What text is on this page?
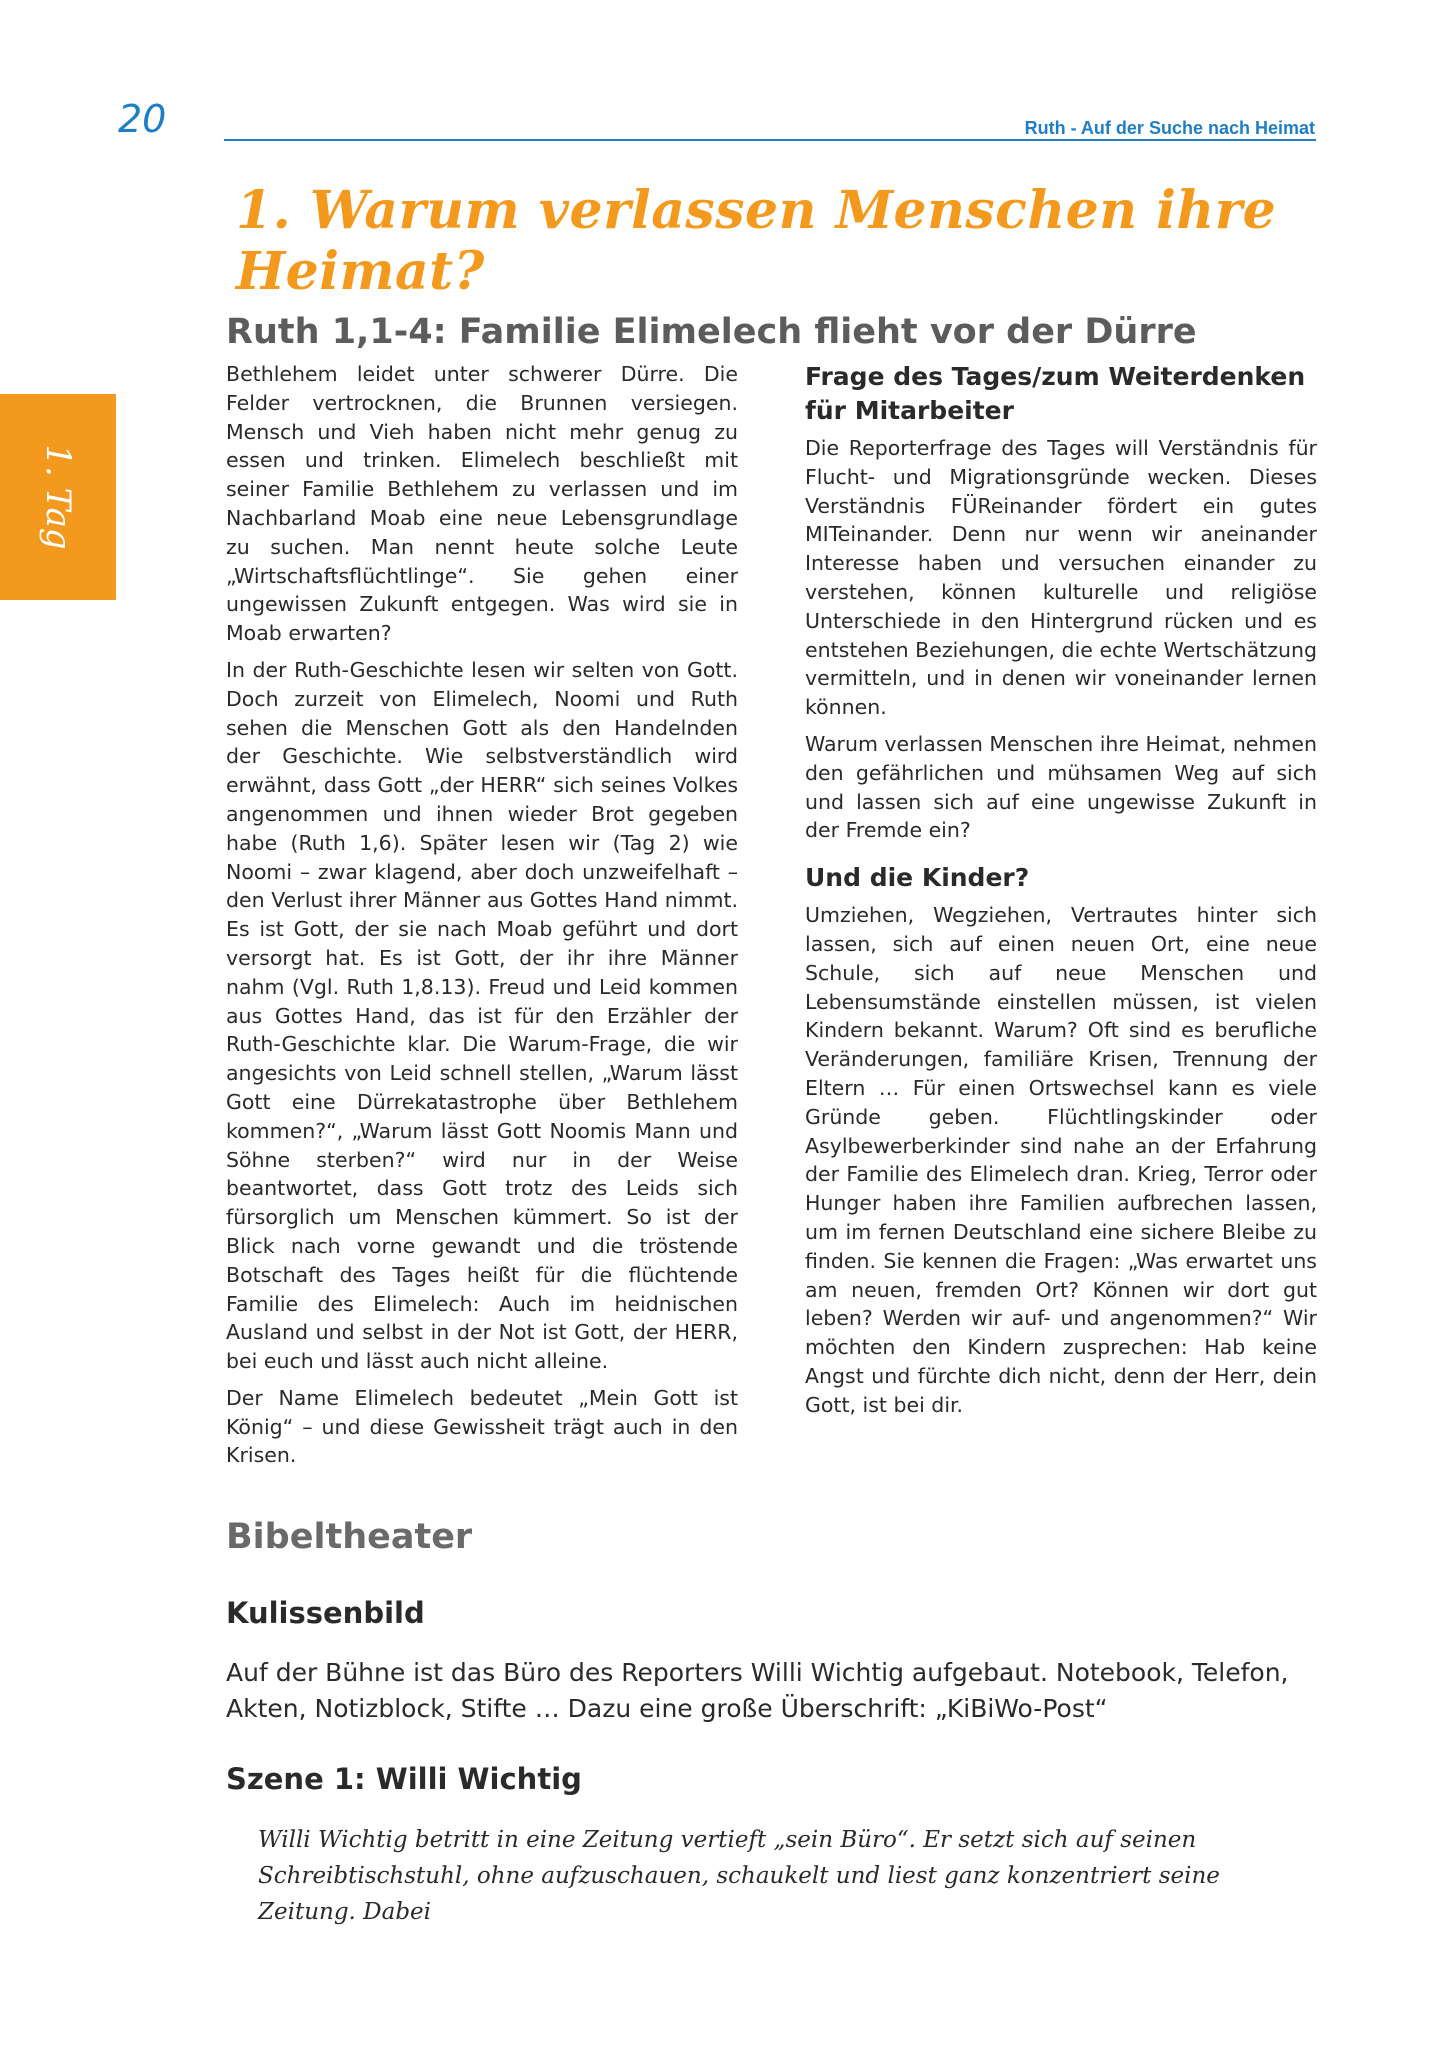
20	Ruth - Auf der Suche nach Heimat
1. Warum verlassen Menschen ihre Heimat?
1. Tag
Ruth 1,1-4: Familie Elimelech flieht vor der Dürre

Bethlehem leidet unter schwerer Dürre. Die Felder vertrocknen, die Brunnen versiegen. Mensch und Vieh haben nicht mehr genug zu essen und trinken. Elimelech beschließt mit seiner Familie Bethlehem zu verlassen und im Nachbarland Moab eine neue Lebensgrundlage zu suchen. Man nennt heute solche Leute „Wirtschaftsflüchtlinge“. Sie gehen einer ungewissen Zukunft entgegen. Was wird sie in Moab erwarten?

In der Ruth-Geschichte lesen wir selten von Gott. Doch zurzeit von Elimelech, Noomi und Ruth sehen die Menschen Gott als den Handelnden der Geschichte. Wie selbstverständlich wird erwähnt, dass Gott „der HERR“ sich seines Volkes angenommen und ihnen wieder Brot gegeben habe (Ruth 1,6). Später lesen wir (Tag 2) wie Noomi – zwar klagend, aber doch unzweifelhaft – den Verlust ihrer Männer aus Gottes Hand nimmt. Es ist Gott, der sie nach Moab geführt und dort versorgt hat. Es ist Gott, der ihr ihre Männer nahm (Vgl. Ruth 1,8.13). Freud und Leid kommen aus Gottes Hand, das ist für den Erzähler der Ruth-Geschichte klar. Die Warum-Frage, die wir angesichts von Leid schnell stellen, „Warum lässt Gott eine Dürrekatastrophe über Bethlehem kommen?“, „Warum lässt Gott Noomis Mann und Söhne sterben?“ wird nur in der Weise beantwortet, dass Gott trotz des Leids sich fürsorglich um Menschen kümmert. So ist der Blick nach vorne gewandt und die tröstende Botschaft des Tages heißt für die flüchtende Familie des Elimelech: Auch im heidnischen Ausland und selbst in der Not ist Gott, der HERR, bei euch und lässt auch nicht alleine.

Der Name Elimelech bedeutet „Mein Gott ist König“ – und diese Gewissheit trägt auch in den Krisen.

Frage des Tages/zum Weiterdenken für Mitarbeiter

Die Reporterfrage des Tages will Verständnis für Flucht- und Migrationsgründe wecken. Dieses Verständnis FÜReinander fördert ein gutes MITeinander. Denn nur wenn wir aneinander Interesse haben und versuchen einander zu verstehen, können kulturelle und religiöse Unterschiede in den Hintergrund rücken und es entstehen Beziehungen, die echte Wertschätzung vermitteln, und in denen wir voneinander lernen können.

Warum verlassen Menschen ihre Heimat, nehmen den gefährlichen und mühsamen Weg auf sich und lassen sich auf eine ungewisse Zukunft in der Fremde ein?

Und die Kinder?

Umziehen, Wegziehen, Vertrautes hinter sich lassen, sich auf einen neuen Ort, eine neue Schule, sich auf neue Menschen und Lebensumstände einstellen müssen, ist vielen Kindern bekannt. Warum? Oft sind es berufliche Veränderungen, familiäre Krisen, Trennung der Eltern … Für einen Ortswechsel kann es viele Gründe geben. Flüchtlingskinder oder Asylbewerberkinder sind nahe an der Erfahrung der Familie des Elimelech dran. Krieg, Terror oder Hunger haben ihre Familien aufbrechen lassen, um im fernen Deutschland eine sichere Bleibe zu finden. Sie kennen die Fragen: „Was erwartet uns am neuen, fremden Ort? Können wir dort gut leben? Werden wir auf- und angenommen?“ Wir möchten den Kindern zusprechen: Hab keine Angst und fürchte dich nicht, denn der Herr, dein Gott, ist bei dir.

Bibeltheater
Kulissenbild
Auf der Bühne ist das Büro des Reporters Willi Wichtig aufgebaut. Notebook, Telefon, Akten, Notizblock, Stifte … Dazu eine große Überschrift: „KiBiWo-Post“
Szene 1: Willi Wichtig
Willi Wichtig betritt in eine Zeitung vertieft „sein Büro“. Er setzt sich auf seinen Schreibtischstuhl, ohne aufzuschauen, schaukelt und liest ganz konzentriert seine Zeitung. Dabei
